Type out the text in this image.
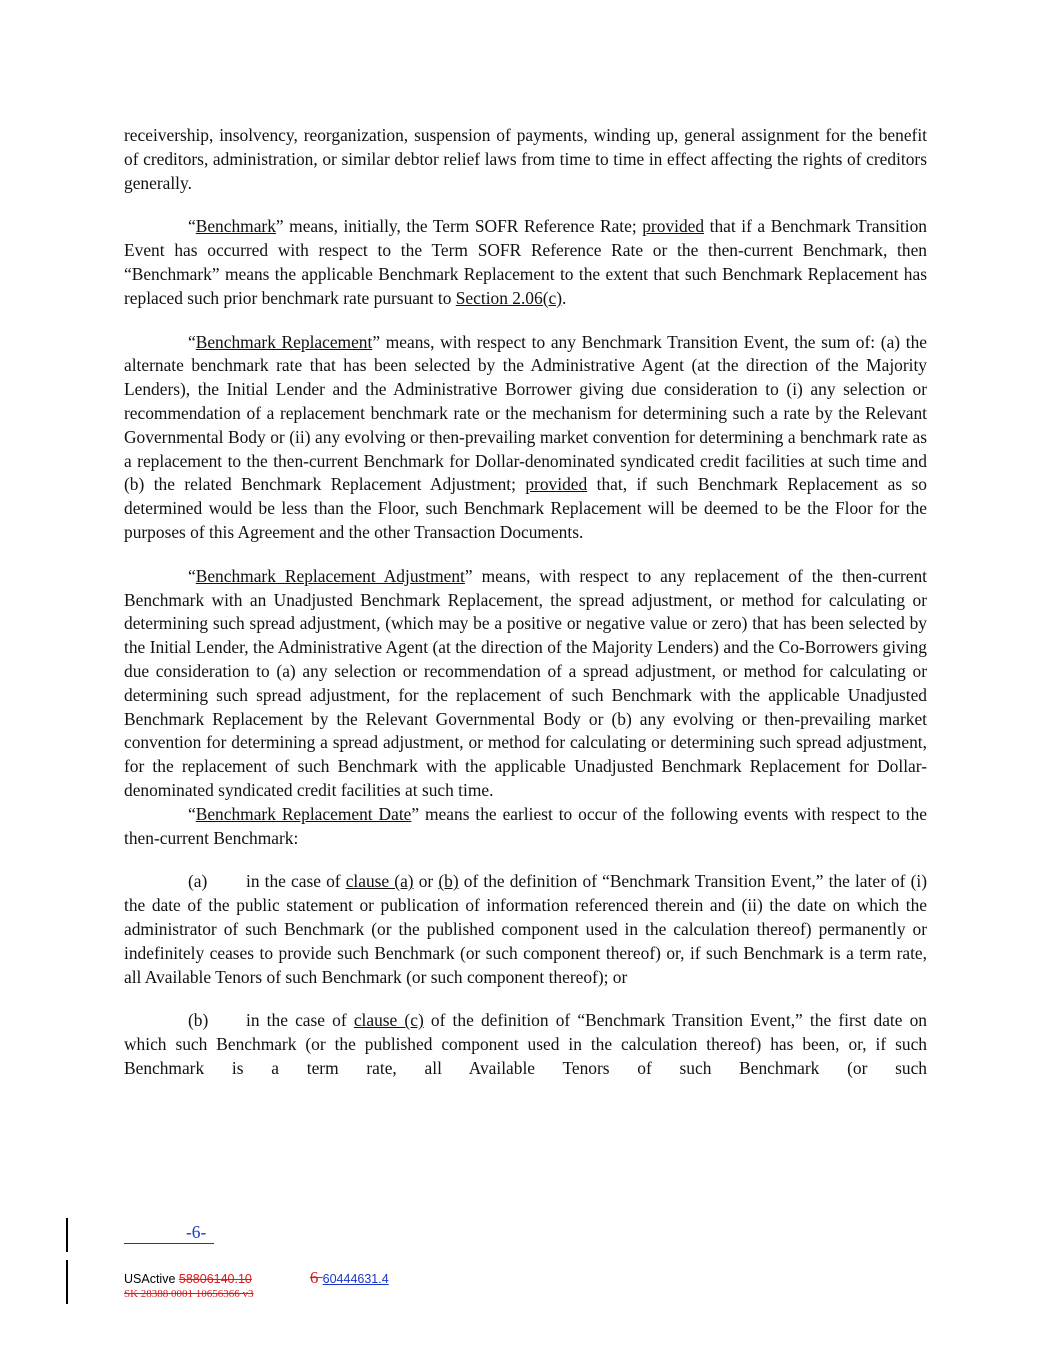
receivership, insolvency, reorganization, suspension of payments, winding up, general assignment for the benefit of creditors, administration, or similar debtor relief laws from time to time in effect affecting the rights of creditors generally.

“Benchmark” means, initially, the Term SOFR Reference Rate; provided that if a Benchmark Transition Event has occurred with respect to the Term SOFR Reference Rate or the then-current Benchmark, then “Benchmark” means the applicable Benchmark Replacement to the extent that such Benchmark Replacement has replaced such prior benchmark rate pursuant to Section 2.06(c).

“Benchmark Replacement” means, with respect to any Benchmark Transition Event, the sum of: (a) the alternate benchmark rate that has been selected by the Administrative Agent (at the direction of the Majority Lenders), the Initial Lender and the Administrative Borrower giving due consideration to (i) any selection or recommendation of a replacement benchmark rate or the mechanism for determining such a rate by the Relevant Governmental Body or (ii) any evolving or then-prevailing market convention for determining a benchmark rate as a replacement to the then-current Benchmark for Dollar-denominated syndicated credit facilities at such time and (b) the related Benchmark Replacement Adjustment; provided that, if such Benchmark Replacement as so determined would be less than the Floor, such Benchmark Replacement will be deemed to be the Floor for the purposes of this Agreement and the other Transaction Documents.

“Benchmark Replacement Adjustment” means, with respect to any replacement of the then-current Benchmark with an Unadjusted Benchmark Replacement, the spread adjustment, or method for calculating or determining such spread adjustment, (which may be a positive or negative value or zero) that has been selected by the Initial Lender, the Administrative Agent (at the direction of the Majority Lenders) and the Co-Borrowers giving due consideration to (a) any selection or recommendation of a spread adjustment, or method for calculating or determining such spread adjustment, for the replacement of such Benchmark with the applicable Unadjusted Benchmark Replacement by the Relevant Governmental Body or (b) any evolving or then-prevailing market convention for determining a spread adjustment, or method for calculating or determining such spread adjustment, for the replacement of such Benchmark with the applicable Unadjusted Benchmark Replacement for Dollar-denominated syndicated credit facilities at such time.

“Benchmark Replacement Date” means the earliest to occur of the following events with respect to the then-current Benchmark:

(a) in the case of clause (a) or (b) of the definition of “Benchmark Transition Event,” the later of (i) the date of the public statement or publication of information referenced therein and (ii) the date on which the administrator of such Benchmark (or the published component used in the calculation thereof) permanently or indefinitely ceases to provide such Benchmark (or such component thereof) or, if such Benchmark is a term rate, all Available Tenors of such Benchmark (or such component thereof); or

(b) in the case of clause (c) of the definition of “Benchmark Transition Event,” the first date on which such Benchmark (or the published component used in the calculation thereof) has been, or, if such Benchmark is a term rate, all Available Tenors of such Benchmark (or such

-6-
USActive 58806140.10	6 60444631.4
SK 28388 0001 10656366 v3
